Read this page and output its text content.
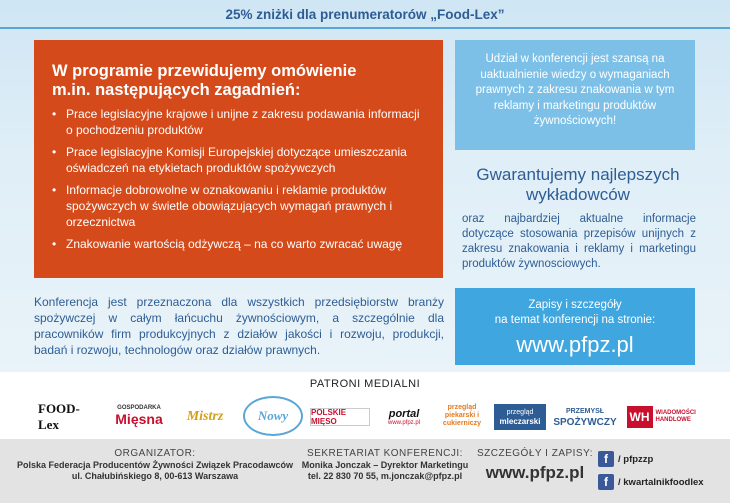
25% zniżki dla prenumeratorów „Food-Lex”
W programie przewidujemy omówienie
m.in. następujących zagadnień:
• Prace legislacyjne krajowe i unijne z zakresu podawania informacji o pochodzeniu produktów
• Prace legislacyjne Komisji Europejskiej dotyczące umieszczania oświadczeń na etykietach produktów spożywczych
• Informacje dobrowolne w oznakowaniu i reklamie produktów spożywczych w świetle obowiązujących wymagań prawnych i orzecznictwa
• Znakowanie wartością odżywczą – na co warto zwracać uwagę
Udział w konferencji jest szansą na uaktualnienie wiedzy o wymaganiach prawnych z zakresu znakowania w tym reklamy i marketingu produktów żywnościowych!
Gwarantujemy najlepszych
wykładowców
oraz najbardziej aktualne informacje dotyczące stosowania przepisów unijnych z zakresu znakowania i reklamy i marketingu produktów żywnosciowych.
Konferencja jest przeznaczona dla wszystkich przedsiębiorstw branży spożywczej w całym łańcuchu żywnościowym, a szczególnie dla pracowników firm produkcyjnych z działów jakości i rozwoju, produkcji, badań i rozwoju, technologów oraz działów prawnych.
Zapisy i szczegóły
na temat konferencji na stronie:
www.pfpz.pl
PATRONI MEDIALNI
FOOD-Lex
GOSPODARKA
Mięsna Mistrz	Nowy	POLSKIE MIĘSO
portal
www.pfpz.pl
przegląd piekarski i cukierniczy
przegląd
mleczarski
PRZEMYSŁ
SPOŻYWCZY WH	WIADOMOŚCI HANDLOWE
ORGANIZATOR:
Polska Federacja Producentów Żywności Związek Pracodawców
ul. Chałubińskiego 8, 00-613 Warszawa
SEKRETARIAT KONFERENCJI:
Monika Jonczak – Dyrektor Marketingu
tel. 22 830 70 55, m.jonczak@pfpz.pl
SZCZEGÓŁY I ZAPISY:
www.pfpz.pl
f	/ pfpzzp
f	/ kwartalnikfoodlex
